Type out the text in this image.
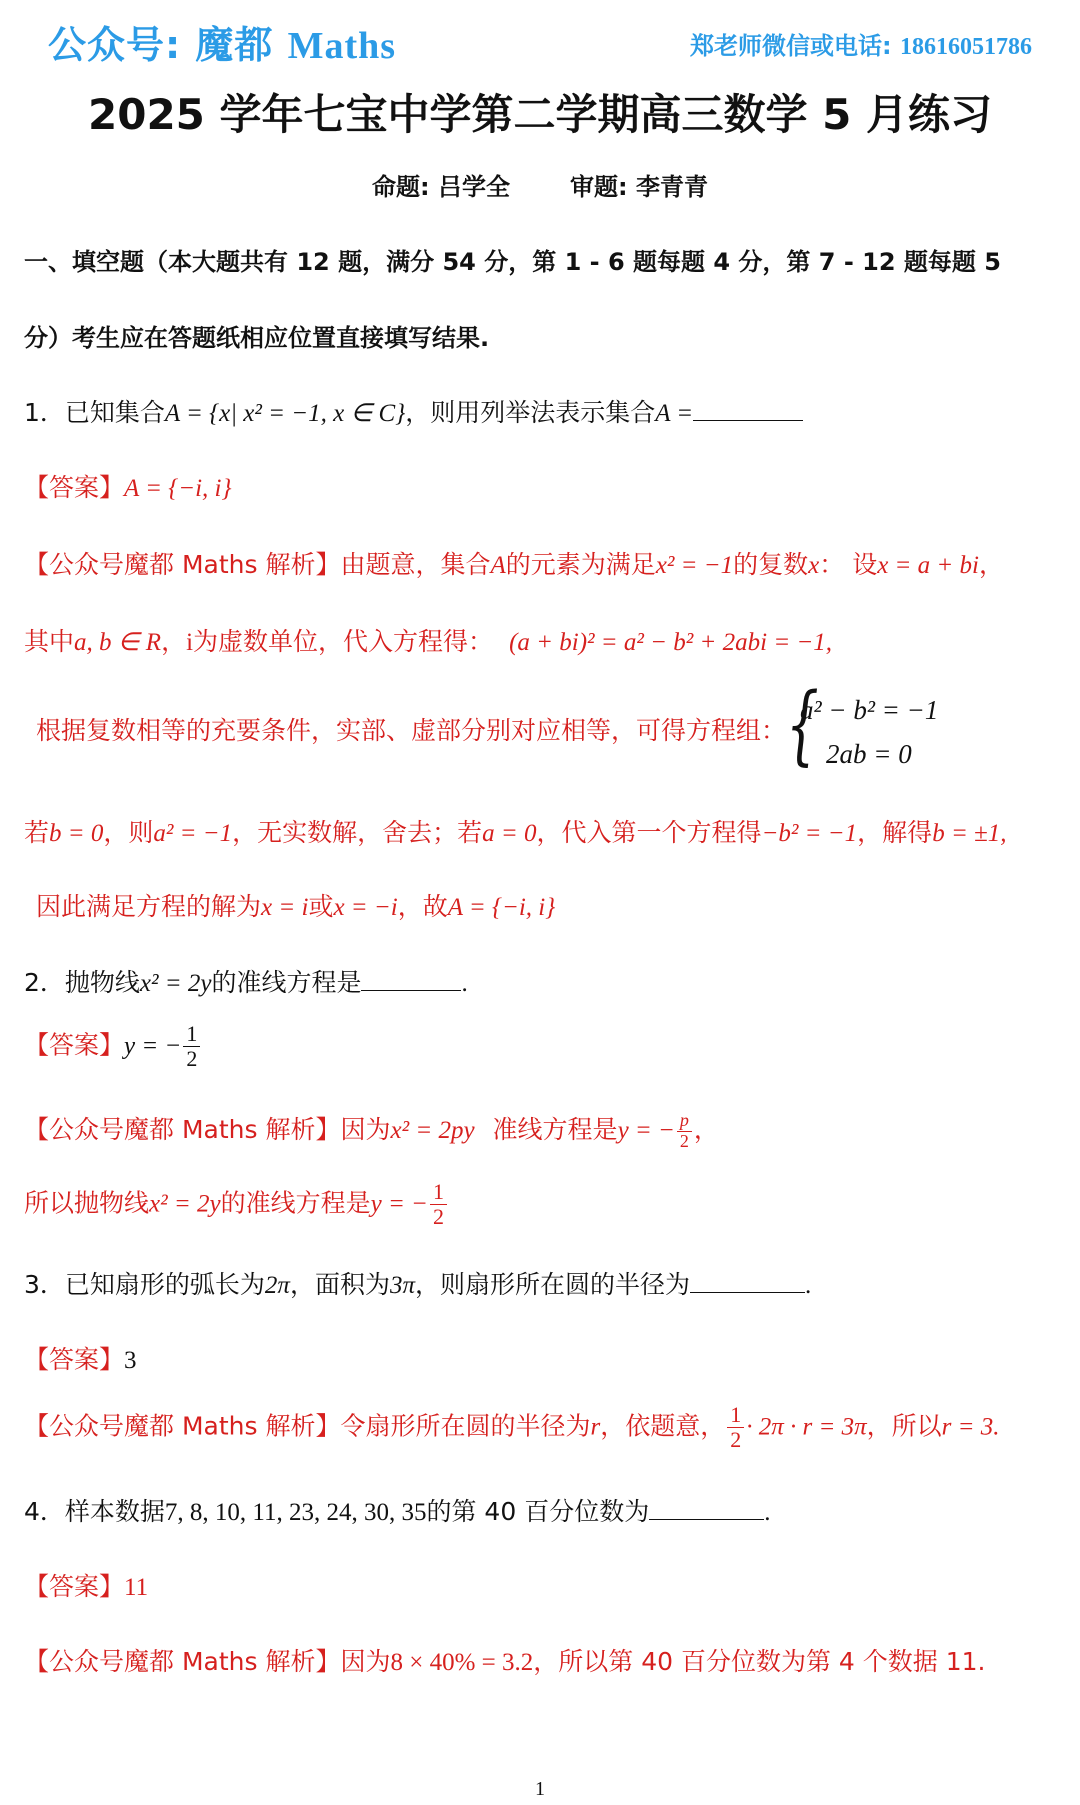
公众号: 魔都 Maths	郑老师微信或电话: 18616051786
2025 学年七宝中学第二学期高三数学 5 月练习
命题: 吕学全	审题: 李青青
一、填空题（本大题共有 12 题，满分 54 分，第 1 - 6 题每题 4 分，第 7 - 12 题每题 5
分）考生应在答题纸相应位置直接填写结果.
1．已知集合A = {x| x² = −1, x ∈ C}，则用列举法表示集合A =
【答案】A = {−i, i}
【公众号魔都 Maths 解析】由题意，集合A的元素为满足x² = −1的复数x： 设x = a + bi，
其中a, b ∈ R，i为虚数单位，代入方程得： (a + bi)² = a² − b² + 2abi = −1,
根据复数相等的充要条件，实部、虚部分别对应相等，可得方程组： {
a² − b² = −1
2ab = 0
若b = 0，则a² = −1，无实数解，舍去；若a = 0，代入第一个方程得−b² = −1，解得b = ±1,
因此满足方程的解为x = i或x = −i，故A = {−i, i}
2．抛物线x² = 2y的准线方程是	.
【答案】y = − $\frac{1}{2}$
【公众号魔都 Maths 解析】因为x² = 2py 准线方程是y = − $\frac{p}{2}$ ，
所以抛物线x² = 2y的准线方程是y = − $\frac{1}{2}$
3．已知扇形的弧长为2π，面积为3π，则扇形所在圆的半径为	.
【答案】3
【公众号魔都 Maths 解析】令扇形所在圆的半径为r，依题意， $\frac{1}{2} \cdot 2\pi \cdot r = 3\pi$，所以r = 3.
4．样本数据7, 8, 10, 11, 23, 24, 30, 35的第 40 百分位数为	.
【答案】11
【公众号魔都 Maths 解析】因为8 × 40% = 3.2，所以第 40 百分位数为第 4 个数据 11.
1
